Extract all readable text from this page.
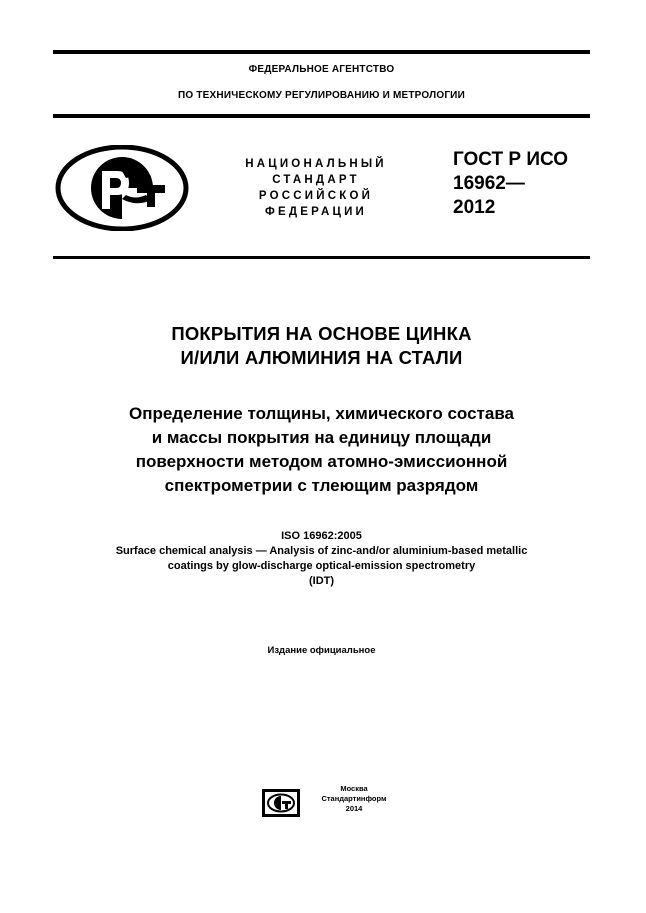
ФЕДЕРАЛЬНОЕ АГЕНТСТВО
ПО ТЕХНИЧЕСКОМУ РЕГУЛИРОВАНИЮ И МЕТРОЛОГИИ
НАЦИОНАЛЬНЫЙ
СТАНДАРТ
РОССИЙСКОЙ
ФЕДЕРАЦИИ
ГОСТ Р ИСО
16962—
2012
ПОКРЫТИЯ НА ОСНОВЕ ЦИНКА
И/ИЛИ АЛЮМИНИЯ НА СТАЛИ
Определение толщины, химического состава
и массы покрытия на единицу площади
поверхности методом атомно-эмиссионной
спектрометрии с тлеющим разрядом
ISO 16962:2005
Surface chemical analysis — Analysis of zinc-and/or aluminium-based metallic
coatings by glow-discharge optical-emission spectrometry
(IDT)
Издание официальное
Москва
Стандартинформ
2014
